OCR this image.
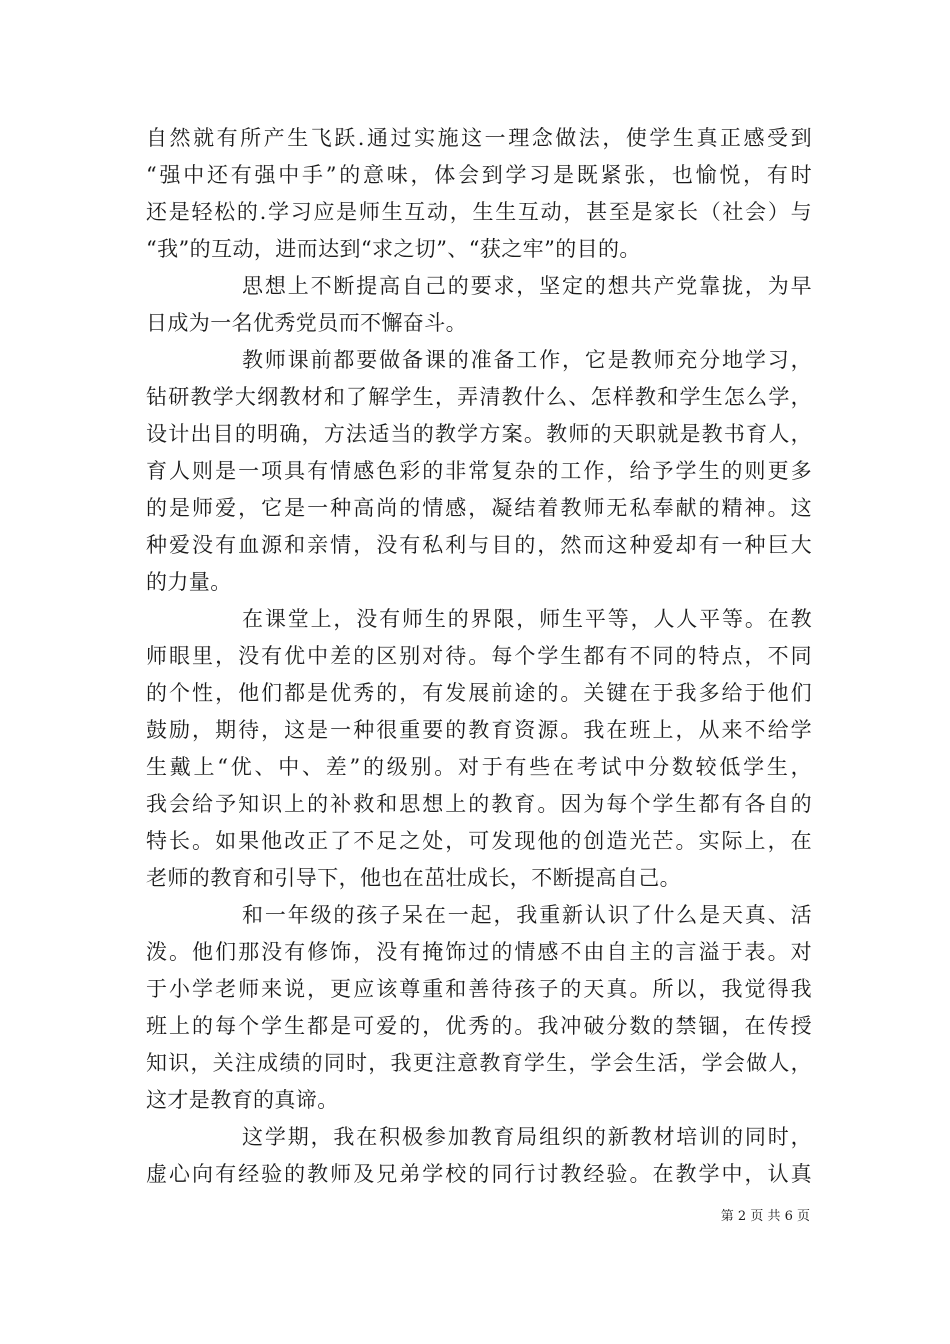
自然就有所产生飞跃.通过实施这一理念做法，使学生真正感受到
“强中还有强中手”的意味，体会到学习是既紧张，也愉悦，有时
还是轻松的.学习应是师生互动，生生互动，甚至是家长（社会）与
“我”的互动，进而达到“求之切”、“获之牢”的目的。
思想上不断提高自己的要求，坚定的想共产党靠拢，为早
日成为一名优秀党员而不懈奋斗。
教师课前都要做备课的准备工作，它是教师充分地学习，
钻研教学大纲教材和了解学生，弄清教什么、怎样教和学生怎么学，
设计出目的明确，方法适当的教学方案。教师的天职就是教书育人，
育人则是一项具有情感色彩的非常复杂的工作，给予学生的则更多
的是师爱，它是一种高尚的情感，凝结着教师无私奉献的精神。这
种爱没有血源和亲情，没有私利与目的，然而这种爱却有一种巨大
的力量。
在课堂上，没有师生的界限，师生平等，人人平等。在教
师眼里，没有优中差的区别对待。每个学生都有不同的特点，不同
的个性，他们都是优秀的，有发展前途的。关键在于我多给于他们
鼓励，期待，这是一种很重要的教育资源。我在班上，从来不给学
生戴上“优、中、差”的级别。对于有些在考试中分数较低学生，
我会给予知识上的补救和思想上的教育。因为每个学生都有各自的
特长。如果他改正了不足之处，可发现他的创造光芒。实际上，在
老师的教育和引导下，他也在茁壮成长，不断提高自己。
和一年级的孩子呆在一起，我重新认识了什么是天真、活
泼。他们那没有修饰，没有掩饰过的情感不由自主的言溢于表。对
于小学老师来说，更应该尊重和善待孩子的天真。所以，我觉得我
班上的每个学生都是可爱的，优秀的。我冲破分数的禁锢，在传授
知识，关注成绩的同时，我更注意教育学生，学会生活，学会做人，
这才是教育的真谛。
这学期，我在积极参加教育局组织的新教材培训的同时，
虚心向有经验的教师及兄弟学校的同行讨教经验。在教学中，认真
第 2 页 共 6 页
